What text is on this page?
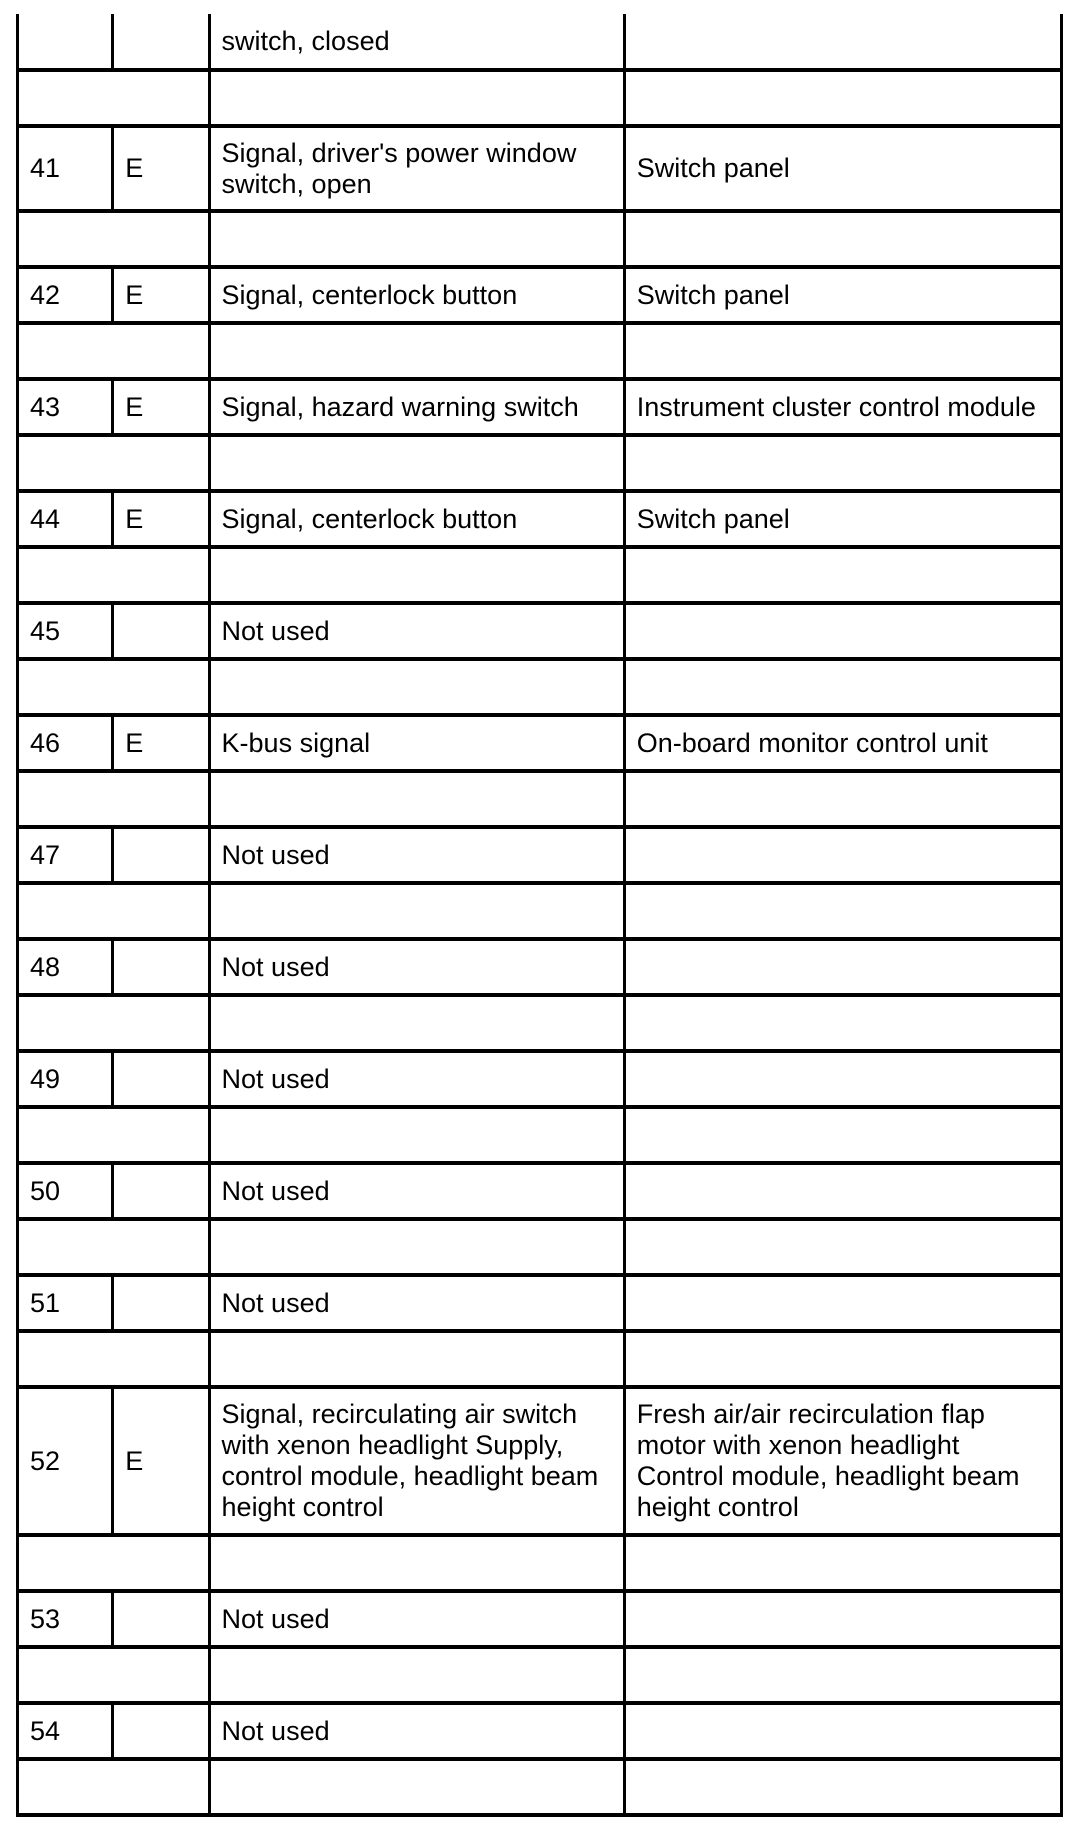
		switch, closed	

41	E	Signal, driver's power window switch, open	Switch panel

42	E	Signal, centerlock button	Switch panel

43	E	Signal, hazard warning switch	Instrument cluster control module

44	E	Signal, centerlock button	Switch panel

45		Not used	

46	E	K-bus signal	On-board monitor control unit

47		Not used	

48		Not used	

49		Not used	

50		Not used	

51		Not used	

52	E	Signal, recirculating air switch with xenon headlight Supply, control module, headlight beam height control	Fresh air/air recirculation flap motor with xenon headlight Control module, headlight beam height control

53		Not used	

54		Not used	
